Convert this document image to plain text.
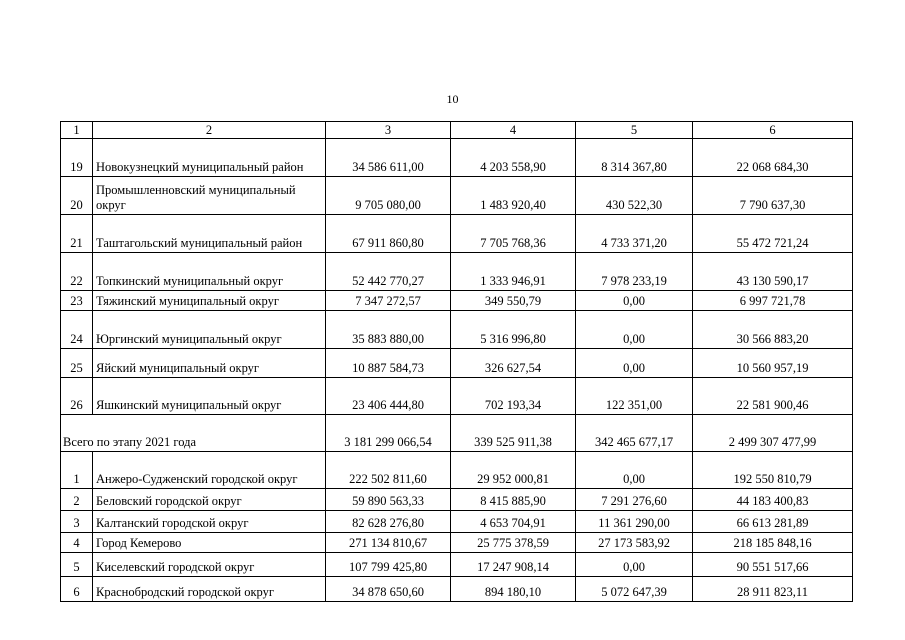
10
1	2	3	4	5	6
19	Новокузнецкий муниципальный район	34 586 611,00	4 203 558,90	8 314 367,80	22 068 684,30
20	Промышленновский муниципальный округ	9 705 080,00	1 483 920,40	430 522,30	7 790 637,30
21	Таштагольский муниципальный район	67 911 860,80	7 705 768,36	4 733 371,20	55 472 721,24
22	Топкинский муниципальный округ	52 442 770,27	1 333 946,91	7 978 233,19	43 130 590,17
23	Тяжинский муниципальный округ	7 347 272,57	349 550,79	0,00	6 997 721,78
24	Юргинский муниципальный округ	35 883 880,00	5 316 996,80	0,00	30 566 883,20
25	Яйский муниципальный округ	10 887 584,73	326 627,54	0,00	10 560 957,19
26	Яшкинский муниципальный округ	23 406 444,80	702 193,34	122 351,00	22 581 900,46
Всего по этапу 2021 года		3 181 299 066,54	339 525 911,38	342 465 677,17	2 499 307 477,99
1	Анжеро-Судженский городской округ	222 502 811,60	29 952 000,81	0,00	192 550 810,79
2	Беловский городской округ	59 890 563,33	8 415 885,90	7 291 276,60	44 183 400,83
3	Калтанский городской округ	82 628 276,80	4 653 704,91	11 361 290,00	66 613 281,89
4	Город Кемерово	271 134 810,67	25 775 378,59	27 173 583,92	218 185 848,16
5	Киселевский городской округ	107 799 425,80	17 247 908,14	0,00	90 551 517,66
6	Краснобродский городской округ	34 878 650,60	894 180,10	5 072 647,39	28 911 823,11
